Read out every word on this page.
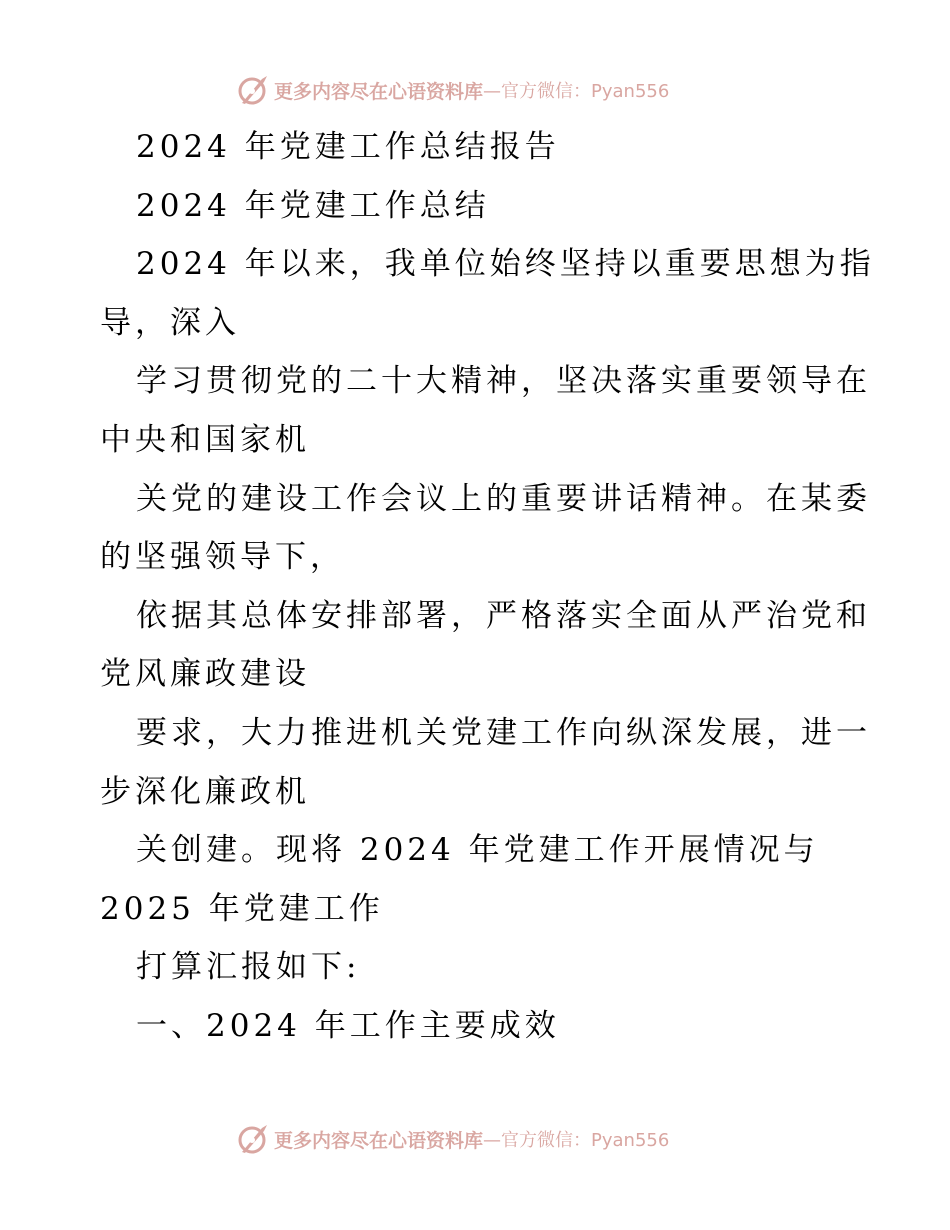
更多内容尽在心语资料库 —官方微信：Pyan556
2024 年党建工作总结报告
2024 年党建工作总结
2024 年以来，我单位始终坚持以重要思想为指
导，深入
学习贯彻党的二十大精神，坚决落实重要领导在
中央和国家机
关党的建设工作会议上的重要讲话精神。在某委
的坚强领导下，
依据其总体安排部署，严格落实全面从严治党和
党风廉政建设
要求，大力推进机关党建工作向纵深发展，进一
步深化廉政机
关创建。现将 2024 年党建工作开展情况与
2025 年党建工作
打算汇报如下:
一、2024 年工作主要成效
更多内容尽在心语资料库 —官方微信：Pyan556
